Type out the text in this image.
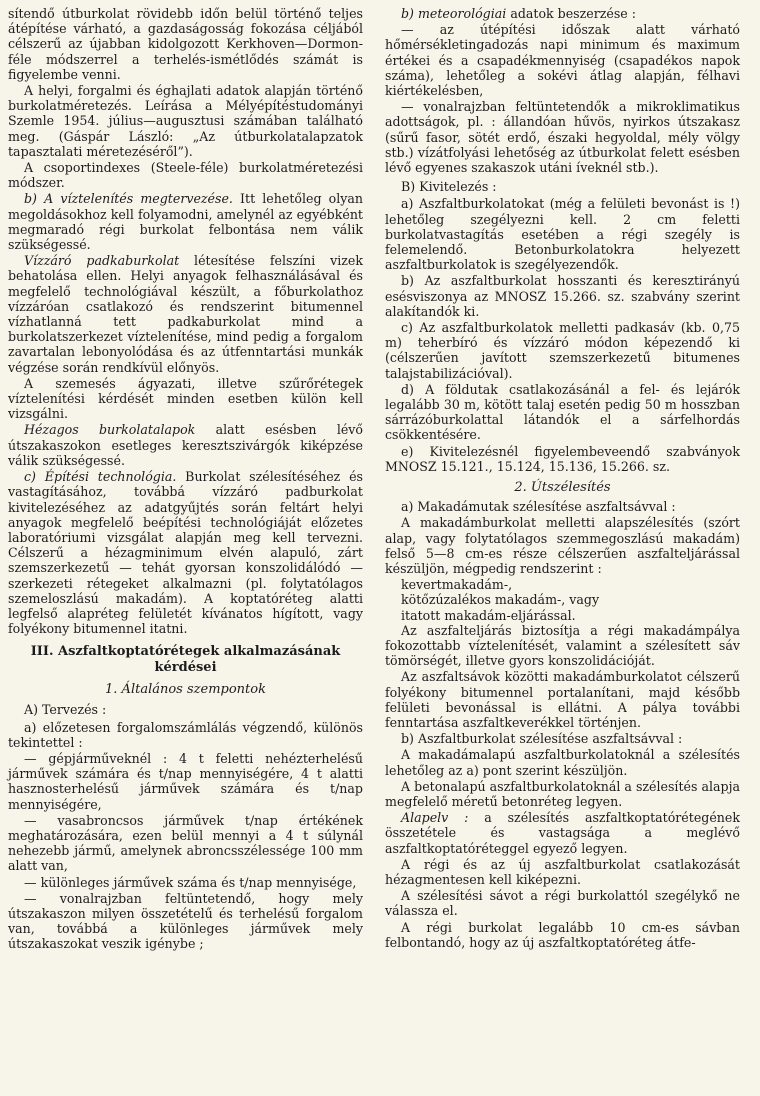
sítendő útburkolat rövidebb időn belül történő teljes átépítése várható, a gazdaságosság fokozása céljából célszerű az újabban kidolgozott Kerkhoven—Dormon-féle módszerrel a terhelés-ismétlődés számát is figyelembe venni.

A helyi, forgalmi és éghajlati adatok alapján történő burkolatméretezés. Leírása a Mélyépítéstudományi Szemle 1954. július—augusztusi számában található meg. (Gáspár László: „Az útburkolatalapzatok tapasztalati méretezéséről”).

A csoportindexes (Steele-féle) burkolatméretezési módszer.

b) A víztelenítés megtervezése. Itt lehetőleg olyan megoldásokhoz kell folyamodni, amelynél az egyébként megmaradó régi burkolat felbontása nem válik szükségessé.

Vízzáró padkaburkolat létesítése felszíni vizek behatolása ellen. Helyi anyagok felhasználásával és megfelelő technológiával készült, a főburkolathoz vízzáróan csatlakozó és rendszerint bitumennel vízhatlanná tett padkaburkolat mind a burkolatszerkezet víztelenítése, mind pedig a forgalom zavartalan lebonyolódása és az útfenntartási munkák végzése során rendkívül előnyös.

A szemesés ágyazati, illetve szűrőrétegek víztelenítési kérdését minden esetben külön kell vizsgálni.

Hézagos burkolatalapok alatt esésben lévő útszakaszokon esetleges keresztszivárgók kiképzése válik szükségessé.

c) Építési technológia. Burkolat szélesítéséhez és vastagításához, továbbá vízzáró padburkolat kivitelezéséhez az adatgyűjtés során feltárt helyi anyagok megfelelő beépítési technológiáját előzetes laboratóriumi vizsgálat alapján meg kell tervezni. Célszerű a hézagminimum elvén alapuló, zárt szemszerkezetű — tehát gyorsan konszolidálódó — szerkezeti rétegeket alkalmazni (pl. folytatólagos szemeloszlású makadám). A koptatóréteg alatti legfelső alapréteg felületét kívánatos hígított, vagy folyékony bitumennel itatni.

III. Aszfaltkoptatórétegek alkalmazásának kérdései
1. Általános szempontok
A) Tervezés :

a) előzetesen forgalomszámlálás végzendő, különös tekintettel :

— gépjárműveknél : 4 t feletti nehézterhelésű járművek számára és t/nap mennyiségére, 4 t alatti hasznosterhelésű járművek számára és t/nap mennyiségére,

— vasabroncsos járművek t/nap értékének meghatározására, ezen belül mennyi a 4 t súlynál nehezebb jármű, amelynek abroncsszélessége 100 mm alatt van,

— különleges járművek száma és t/nap mennyisége,

— vonalrajzban feltüntetendő, hogy mely útszakaszon milyen összetételű és terhelésű forgalom van, továbbá a különleges járművek mely útszakaszokat veszik igénybe ;

b) meteorológiai adatok beszerzése :

— az útépítési időszak alatt várható hőmérsékletingadozás napi minimum és maximum értékei és a csapadékmennyiség (csapadékos napok száma), lehetőleg a sokévi átlag alapján, félhavi kiértékelésben,

— vonalrajzban feltüntetendők a mikroklimatikus adottságok, pl. : állandóan hűvös, nyirkos útszakasz (sűrű fasor, sötét erdő, északi hegyoldal, mély völgy stb.) vízátfolyási lehetőség az útburkolat felett esésben lévő egyenes szakaszok utáni íveknél stb.).

B) Kivitelezés :

a) Aszfaltburkolatokat (még a felületi bevonást is !) lehetőleg szegélyezni kell. 2 cm feletti burkolatvastagítás esetében a régi szegély is felemelendő. Betonburkolatokra helyezett aszfaltburkolatok is szegélyezendők.

b) Az aszfaltburkolat hosszanti és keresztirányú esésviszonya az MNOSZ 15.266. sz. szabvány szerint alakítandók ki.

c) Az aszfaltburkolatok melletti padkasáv (kb. 0,75 m) teherbíró és vízzáró módon képezendő ki (célszerűen javított szemszerkezetű bitumenes talajstabilizációval).

d) A földutak csatlakozásánál a fel- és lejárók legalább 30 m, kötött talaj esetén pedig 50 m hosszban sárrázóburkolattal látandók el a sárfelhordás csökkentésére.

e) Kivitelezésnél figyelembeveendő szabványok MNOSZ 15.121., 15.124, 15.136, 15.266. sz.

2. Útszélesítés

a) Makadámutak szélesítése aszfaltsávval :

A makadámburkolat melletti alapszélesítés (szórt alap, vagy folytatólagos szemmegoszlású makadám) felső 5—8 cm-es része célszerűen aszfalteljárással készüljön, mégpedig rendszerint :

kevertmakadám-,

kötőzúzalékos makadám-, vagy

itatott makadám-eljárással.

Az aszfalteljárás biztosítja a régi makadámpálya fokozottabb víztelenítését, valamint a szélesített sáv tömörségét, illetve gyors konszolidációját.

Az aszfaltsávok közötti makadámburkolatot célszerű folyékony bitumennel portalanítani, majd később felületi bevonással is ellátni. A pálya további fenntartása aszfaltkeverékkel történjen.

b) Aszfaltburkolat szélesítése aszfaltsávval :

A makadámalapú aszfaltburkolatoknál a szélesítés lehetőleg az a) pont szerint készüljön.

A betonalapú aszfaltburkolatoknál a szélesítés alapja megfelelő méretű betonréteg legyen.

Alapelv : a szélesítés aszfaltkoptatórétegének összetétele és vastagsága a meglévő aszfaltkoptatóréteggel egyező legyen.

A régi és az új aszfaltburkolat csatlakozását hézagmentesen kell kiképezni.

A szélesítési sávot a régi burkolattól szegélykő ne válassza el.

A régi burkolat legalább 10 cm-es sávban felbontandó, hogy az új aszfaltkoptatóréteg átfe-
